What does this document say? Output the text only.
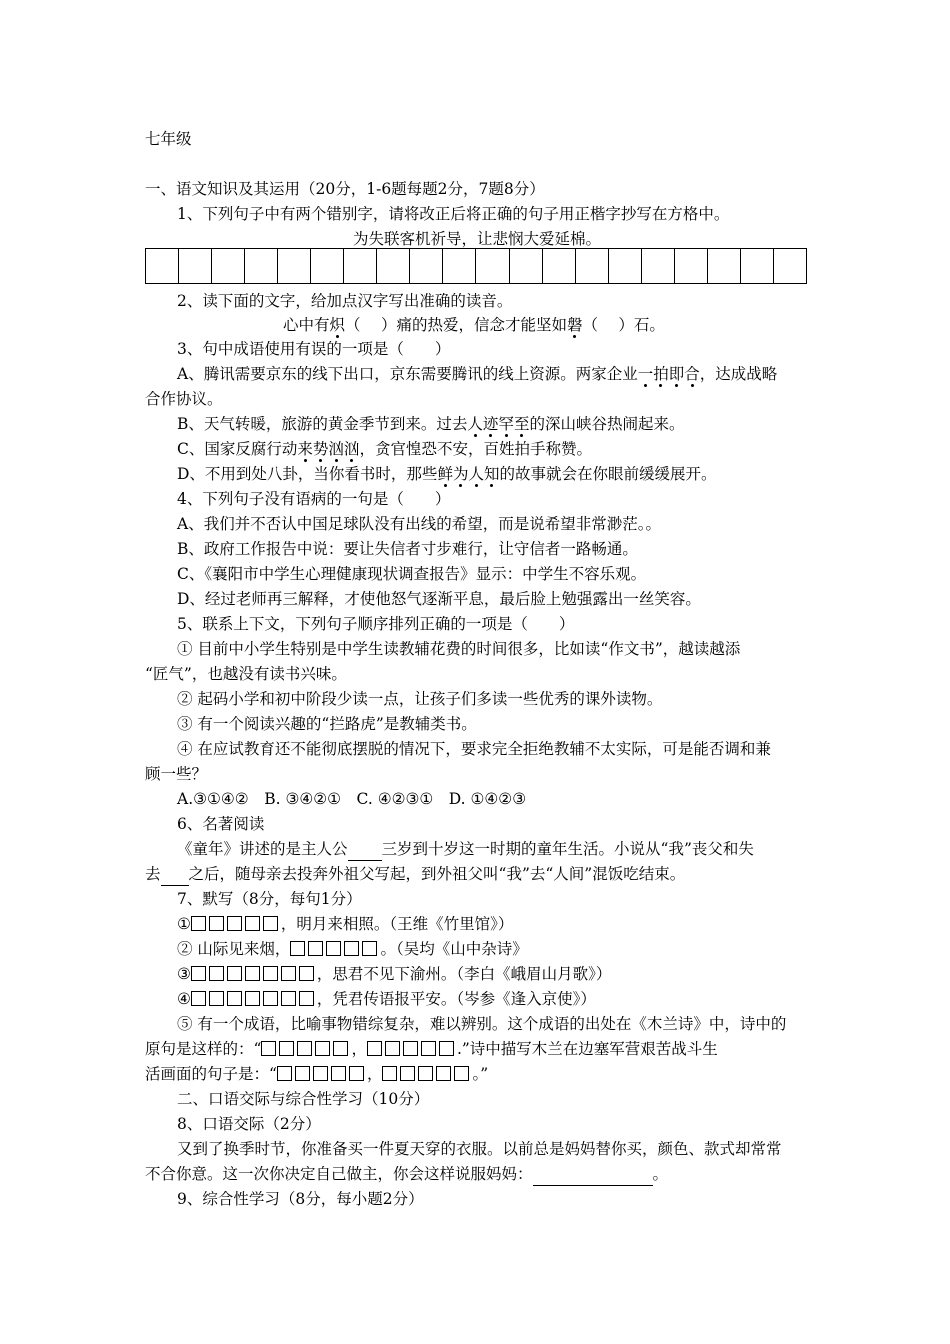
七年级
一、语文知识及其运用（20分，1-6题每题2分，7题8分）
1、下列句子中有两个错别字，请将改正后将正确的句子用正楷字抄写在方格中。
为失联客机祈导，让悲悯大爱延棉。
2、读下面的文字，给加点汉字写出准确的读音。
心中有炽（　 ）痛的热爱，信念才能坚如磐（　 ）石。
3、句中成语使用有误的一项是（　　）
A、腾讯需要京东的线下出口，京东需要腾讯的线上资源。两家企业一拍即合，达成战略
合作协议。
B、天气转暖，旅游的黄金季节到来。过去人迹罕至的深山峡谷热闹起来。
C、国家反腐行动来势汹汹，贪官惶恐不安，百姓拍手称赞。
D、不用到处八卦，当你看书时，那些鲜为人知的故事就会在你眼前缓缓展开。
4、下列句子没有语病的一句是（　　）
A、我们并不否认中国足球队没有出线的希望，而是说希望非常渺茫。。
B、政府工作报告中说：要让失信者寸步难行，让守信者一路畅通。
C、《襄阳市中学生心理健康现状调查报告》显示：中学生不容乐观。
D、经过老师再三解释，才使他怒气逐渐平息，最后脸上勉强露出一丝笑容。
5、联系上下文，下列句子顺序排列正确的一项是（　　）
① 目前中小学生特别是中学生读教辅花费的时间很多，比如读“作文书”，越读越添
“匠气”，也越没有读书兴味。
② 起码小学和初中阶段少读一点，让孩子们多读一些优秀的课外读物。
③ 有一个阅读兴趣的“拦路虎”是教辅类书。
④ 在应试教育还不能彻底摆脱的情况下，要求完全拒绝教辅不太实际，可是能否调和兼
顾一些？
A.③①④②　B. ③④②①　C. ④②③①　D. ①④②③
6、名著阅读
《童年》讲述的是主人公 三岁到十岁这一时期的童年生活。小说从“我”丧父和失
去 之后，随母亲去投奔外祖父写起，到外祖父叫“我”去“人间”混饭吃结束。
7、默写（8分，每句1分）
①	，明月来相照。（王维《竹里馆》）
② 山际见来烟，	。（吴均《山中杂诗》
③	，思君不见下渝州。（李白《峨眉山月歌》）
④	，凭君传语报平安。（岑参《逢入京使》）
⑤ 有一个成语，比喻事物错综复杂，难以辨别。这个成语的出处在《木兰诗》中，诗中的
原句是这样的：“	，	.”诗中描写木兰在边塞军营艰苦战斗生
活画面的句子是：“	，	。”
二、口语交际与综合性学习（10分）
8、口语交际（2分）
又到了换季时节，你准备买一件夏天穿的衣服。以前总是妈妈替你买，颜色、款式却常常
不合你意。这一次你决定自己做主，你会这样说服妈妈：	。
9、综合性学习（8分，每小题2分）
